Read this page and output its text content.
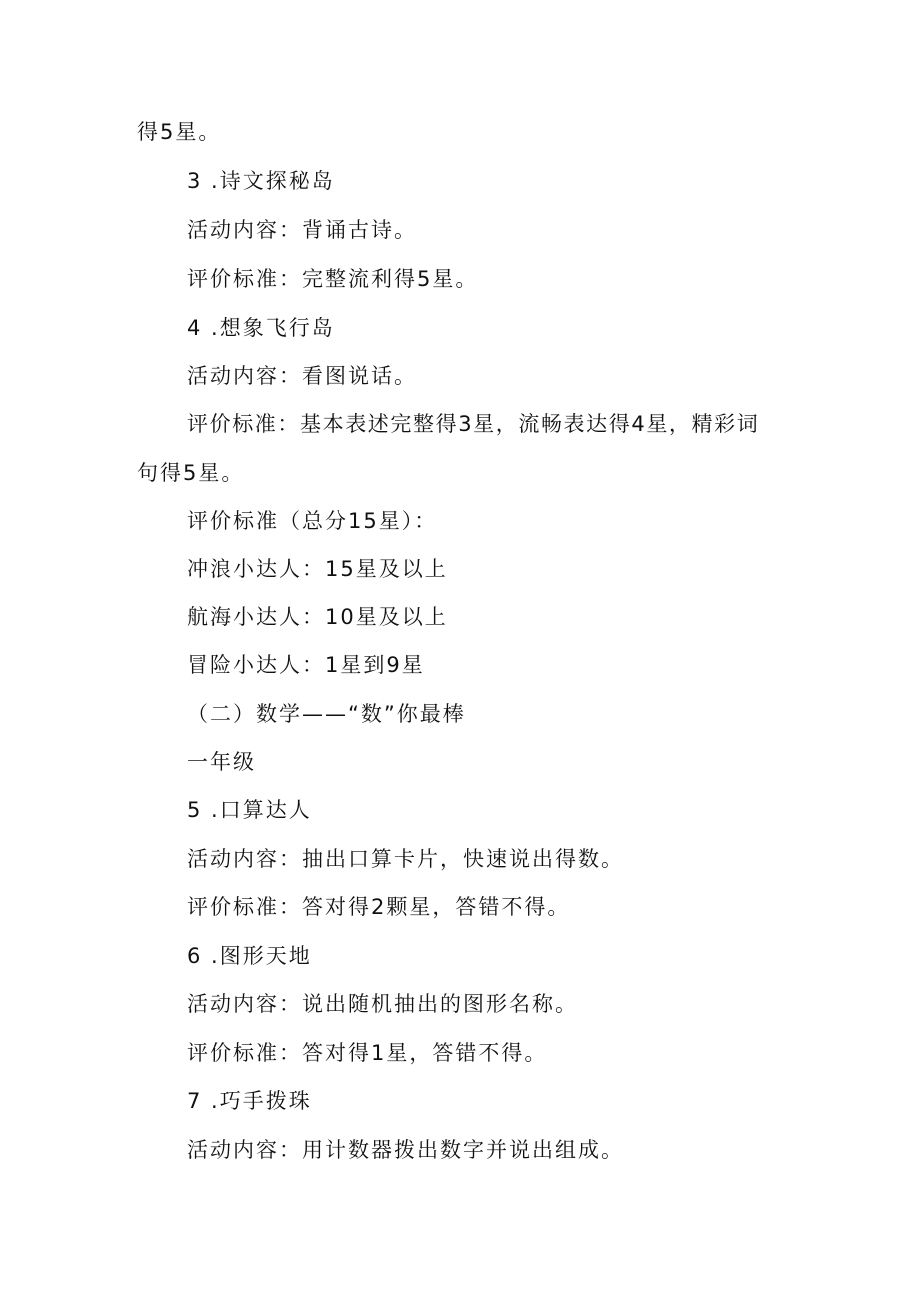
得5星。
3 .诗文探秘岛
活动内容：背诵古诗。
评价标准：完整流利得5星。
4 .想象飞行岛
活动内容：看图说话。
评价标准：基本表述完整得3星，流畅表达得4星，精彩词
句得5星。
评价标准（总分15星）：
冲浪小达人：15星及以上
航海小达人：10星及以上
冒险小达人：1星到9星
（二）数学——“数”你最棒
一年级
5 .口算达人
活动内容：抽出口算卡片，快速说出得数。
评价标准：答对得2颗星，答错不得。
6 .图形天地
活动内容：说出随机抽出的图形名称。
评价标准：答对得1星，答错不得。
7 .巧手拨珠
活动内容：用计数器拨出数字并说出组成。
